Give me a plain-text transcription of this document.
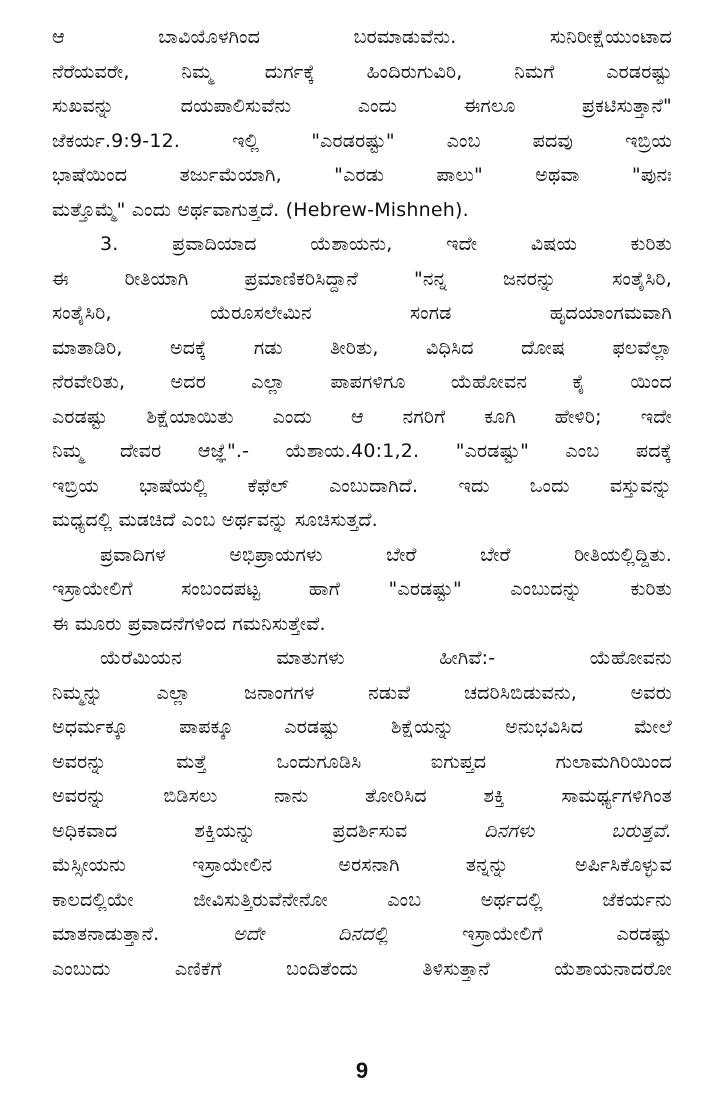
ಆ ಬಾವಿಯೊಳಗಿಂದ ಬರಮಾಡುವೆನು. ಸುನಿರೀಕ್ಷೆಯುಂಟಾದ
ನೆರೆಯವರೇ, ನಿಮ್ಮ ದುರ್ಗಕ್ಕೆ ಹಿಂದಿರುಗುವಿರಿ, ನಿಮಗೆ ಎರಡರಷ್ಟು
ಸುಖವನ್ನು ದಯಪಾಲಿಸುವೆನು ಎಂದು ಈಗಲೂ ಪ್ರಕಟಿಸುತ್ತಾನೆ"
ಜೆಕರ್ಯ.9:9-12. ಇಲ್ಲಿ "ಎರಡರಷ್ಟು" ಎಂಬ ಪದವು ಇಬ್ರಿಯ
ಭಾಷೆಯಿಂದ ತರ್ಜುಮೆಯಾಗಿ, "ಎರಡು ಪಾಲು" ಅಥವಾ "ಪುನಃ
ಮತ್ತೊಮ್ಮೆ" ಎಂದು ಅರ್ಥವಾಗುತ್ತದೆ. (Hebrew-Mishneh).
3. ಪ್ರವಾದಿಯಾದ ಯೆಶಾಯನು, ಇದೇ ವಿಷಯ ಕುರಿತು
ಈ ರೀತಿಯಾಗಿ ಪ್ರಮಾಣಿಕರಿಸಿದ್ದಾನೆ "ನನ್ನ ಜನರನ್ನು ಸಂತೈಸಿರಿ,
ಸಂತೈಸಿರಿ, ಯೆರೂಸಲೇಮಿನ ಸಂಗಡ ಹೃದಯಾಂಗಮವಾಗಿ
ಮಾತಾಡಿರಿ, ಅದಕ್ಕೆ ಗಡು ತೀರಿತು, ವಿಧಿಸಿದ ದೋಷ ಫಲವೆಲ್ಲಾ
ನೆರವೇರಿತು, ಅದರ ಎಲ್ಲಾ ಪಾಪಗಳಿಗೂ ಯೆಹೋವನ ಕೈ ಯಿಂದ
ಎರಡಷ್ಟು ಶಿಕ್ಷೆಯಾಯಿತು ಎಂದು ಆ ನಗರಿಗೆ ಕೂಗಿ ಹೇಳಿರಿ; ಇದೇ
ನಿಮ್ಮ ದೇವರ ಆಜ್ಞೆ".- ಯೆಶಾಯ.40:1,2. "ಎರಡಷ್ಟು" ಎಂಬ ಪದಕ್ಕೆ
ಇಬ್ರಿಯ ಭಾಷೆಯಲ್ಲಿ ಕೆಫೆಲ್ ಎಂಬುದಾಗಿದೆ. ಇದು ಒಂದು ವಸ್ತುವನ್ನು
ಮಧ್ಯದಲ್ಲಿ ಮಡಚಿದೆ ಎಂಬ ಅರ್ಥವನ್ನು ಸೂಚಿಸುತ್ತದೆ.
ಪ್ರವಾದಿಗಳ ಅಭಿಪ್ರಾಯಗಳು ಬೇರೆ ಬೇರೆ ರೀತಿಯಲ್ಲಿದ್ದಿತು.
ಇಸ್ರಾಯೇಲಿಗೆ ಸಂಬಂದಪಟ್ಟ ಹಾಗೆ "ಎರಡಷ್ಟು" ಎಂಬುದನ್ನು ಕುರಿತು
ಈ ಮೂರು ಪ್ರವಾದನೆಗಳಿಂದ ಗಮನಿಸುತ್ತೇವೆ.
ಯೆರೆಮಿಯನ ಮಾತುಗಳು ಹೀಗಿವೆ:- ಯೆಹೋವನು
ನಿಮ್ಮನ್ನು ಎಲ್ಲಾ ಜನಾಂಗಗಳ ನಡುವೆ ಚದರಿಸಿಬಿಡುವನು, ಅವರು
ಅಧರ್ಮಕ್ಕೂ ಪಾಪಕ್ಕೂ ಎರಡಷ್ಟು ಶಿಕ್ಷೆಯನ್ನು ಅನುಭವಿಸಿದ ಮೇಲೆ
ಅವರನ್ನು ಮತ್ತೆ ಒಂದುಗೂಡಿಸಿ ಐಗುಪ್ತದ ಗುಲಾಮಗಿರಿಯಿಂದ
ಅವರನ್ನು ಬಿಡಿಸಲು ನಾನು ತೋರಿಸಿದ ಶಕ್ತಿ ಸಾಮರ್ಥ್ಯಗಳಿಗಿಂತ
ಅಧಿಕವಾದ ಶಕ್ತಿಯನ್ನು ಪ್ರದರ್ಶಿಸುವ	ದಿನಗಳು ಬರುತ್ತವೆ.
ಮೆಸ್ಸೀಯನು ಇಸ್ರಾಯೇಲಿನ ಅರಸನಾಗಿ ತನ್ನನ್ನು ಅರ್ಪಿಸಿಕೊಳ್ಳುವ
ಕಾಲದಲ್ಲಿಯೇ ಜೀವಿಸುತ್ತಿರುವೆನೇನೋ ಎಂಬ ಅರ್ಥದಲ್ಲಿ ಜೆಕರ್ಯನು
ಮಾತನಾಡುತ್ತಾನೆ.	ಅದೇ ದಿನದಲ್ಲಿ	ಇಸ್ರಾಯೇಲಿಗೆ ಎರಡಷ್ಟು
ಎಂಬುದು ಎಣಿಕೆಗೆ ಬಂದಿತೆಂದು ತಿಳಿಸುತ್ತಾನೆ ಯೆಶಾಯನಾದರೋ
9
